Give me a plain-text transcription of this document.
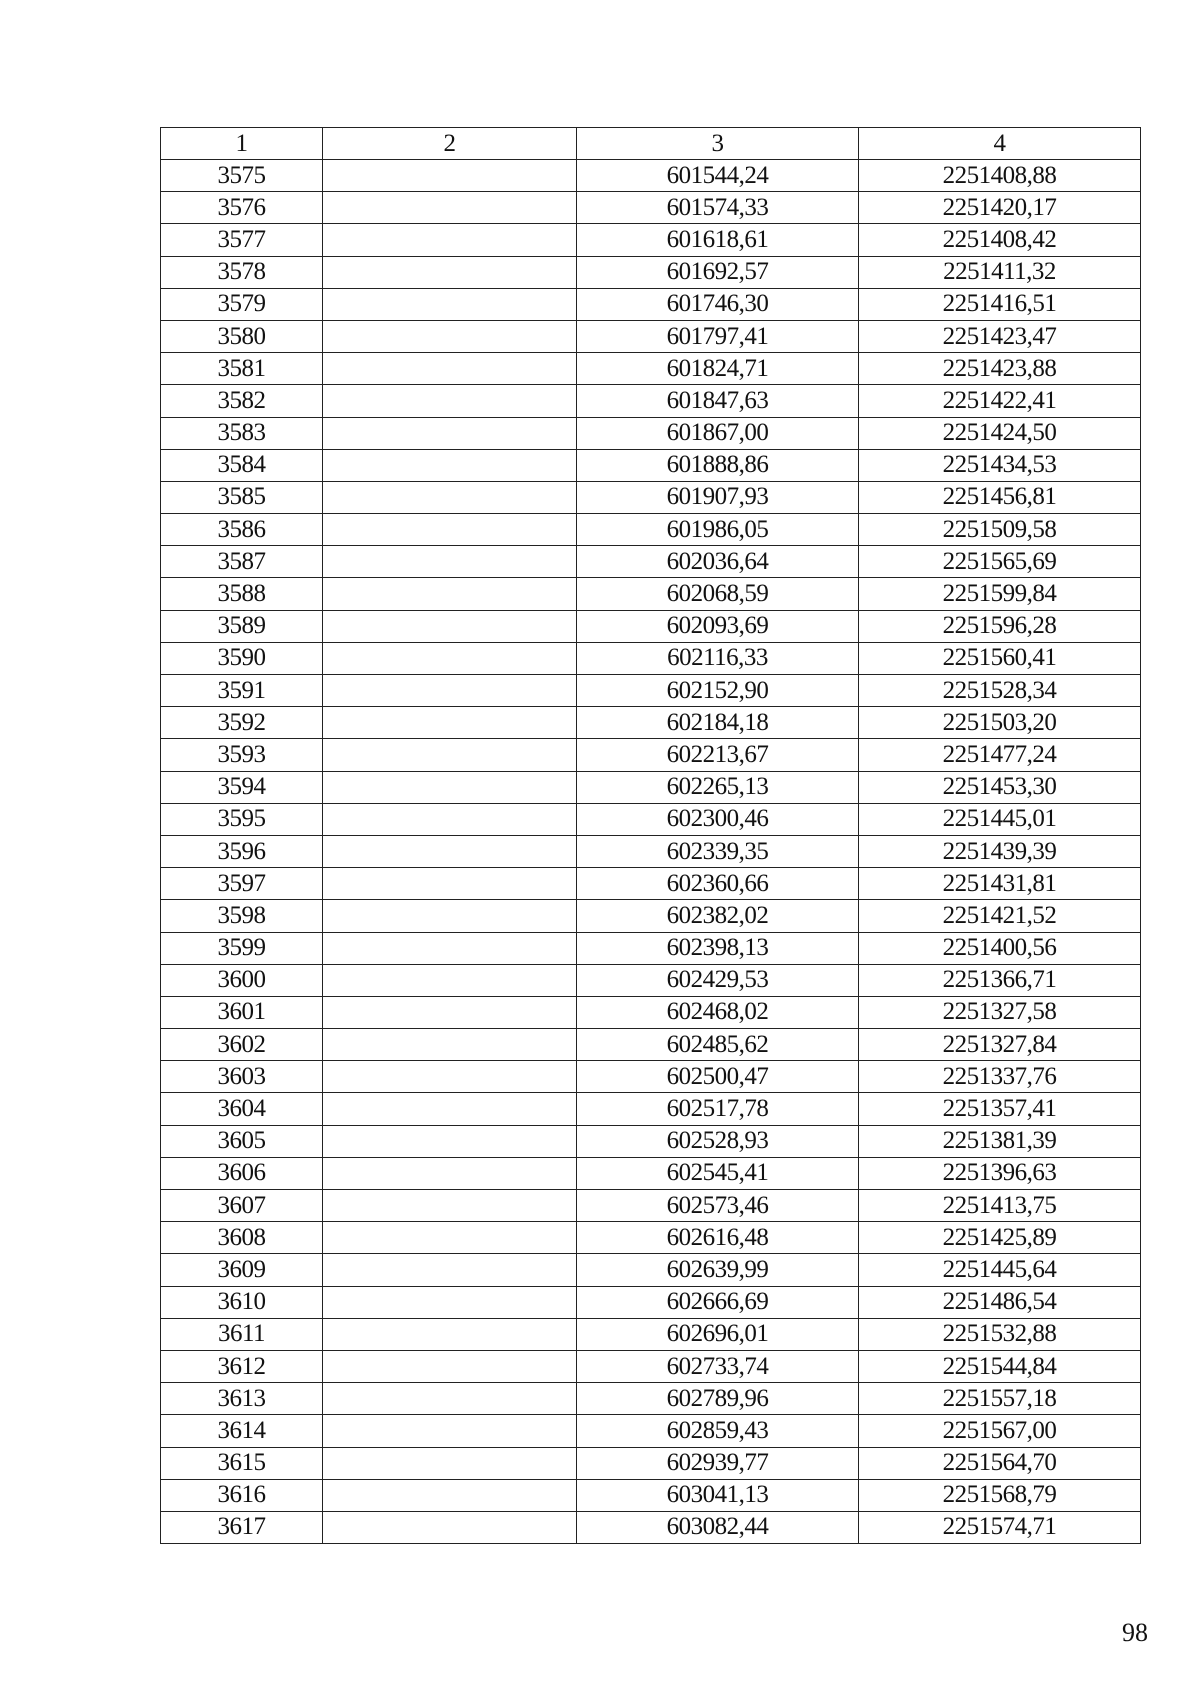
1	2	3	4
3575		601544,24	2251408,88
3576		601574,33	2251420,17
3577		601618,61	2251408,42
3578		601692,57	2251411,32
3579		601746,30	2251416,51
3580		601797,41	2251423,47
3581		601824,71	2251423,88
3582		601847,63	2251422,41
3583		601867,00	2251424,50
3584		601888,86	2251434,53
3585		601907,93	2251456,81
3586		601986,05	2251509,58
3587		602036,64	2251565,69
3588		602068,59	2251599,84
3589		602093,69	2251596,28
3590		602116,33	2251560,41
3591		602152,90	2251528,34
3592		602184,18	2251503,20
3593		602213,67	2251477,24
3594		602265,13	2251453,30
3595		602300,46	2251445,01
3596		602339,35	2251439,39
3597		602360,66	2251431,81
3598		602382,02	2251421,52
3599		602398,13	2251400,56
3600		602429,53	2251366,71
3601		602468,02	2251327,58
3602		602485,62	2251327,84
3603		602500,47	2251337,76
3604		602517,78	2251357,41
3605		602528,93	2251381,39
3606		602545,41	2251396,63
3607		602573,46	2251413,75
3608		602616,48	2251425,89
3609		602639,99	2251445,64
3610		602666,69	2251486,54
3611		602696,01	2251532,88
3612		602733,74	2251544,84
3613		602789,96	2251557,18
3614		602859,43	2251567,00
3615		602939,77	2251564,70
3616		603041,13	2251568,79
3617		603082,44	2251574,71
98
